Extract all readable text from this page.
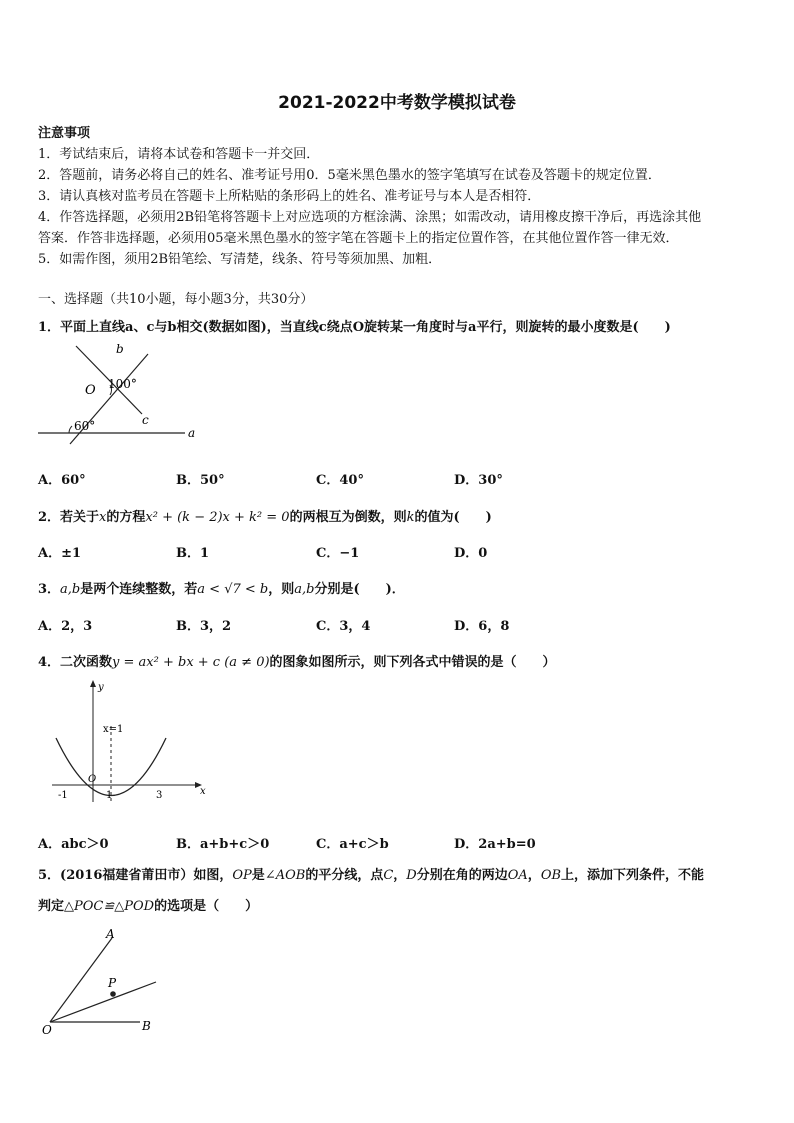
2021-2022中考数学模拟试卷
注意事项
1．考试结束后，请将本试卷和答题卡一并交回．
2．答题前，请务必将自己的姓名、准考证号用0．5毫米黑色墨水的签字笔填写在试卷及答题卡的规定位置．
3．请认真核对监考员在答题卡上所粘贴的条形码上的姓名、准考证号与本人是否相符．
4．作答选择题，必须用2B铅笔将答题卡上对应选项的方框涂满、涂黑；如需改动，请用橡皮擦干净后，再选涂其他
答案．作答非选择题，必须用05毫米黑色墨水的签字笔在答题卡上的指定位置作答，在其他位置作答一律无效．
5．如需作图，须用2B铅笔绘、写清楚，线条、符号等须加黑、加粗．
一、选择题（共10小题，每小题3分，共30分）
1．平面上直线a、c与b相交(数据如图)，当直线c绕点O旋转某一角度时与a平行，则旋转的最小度数是(　　)
b
O 100°
c
60°	a
A．60°	B．50°	C．40°	D．30°
2．若关于x的方程x² + (k − 2)x + k² = 0的两根互为倒数，则k的值为(　　)
A．±1	B．1	C．−1	D．0
3．a,b是两个连续整数，若a < √7 < b，则a,b分别是(　　)．
A．2，3	B．3，2	C．3，4	D．6，8
4．二次函数y = ax² + bx + c (a ≠ 0)的图象如图所示，则下列各式中错误的是（　　）
y
x=1
O
x
-1	1	3
A．abc＞0	B．a+b+c＞0	C．a+c＞b	D．2a+b=0
5．(2016福建省莆田市）如图，OP是∠AOB的平分线，点C，D分别在角的两边OA，OB上，添加下列条件，不能
判定△POC≌△POD的选项是（　　）
A
P
O	B
